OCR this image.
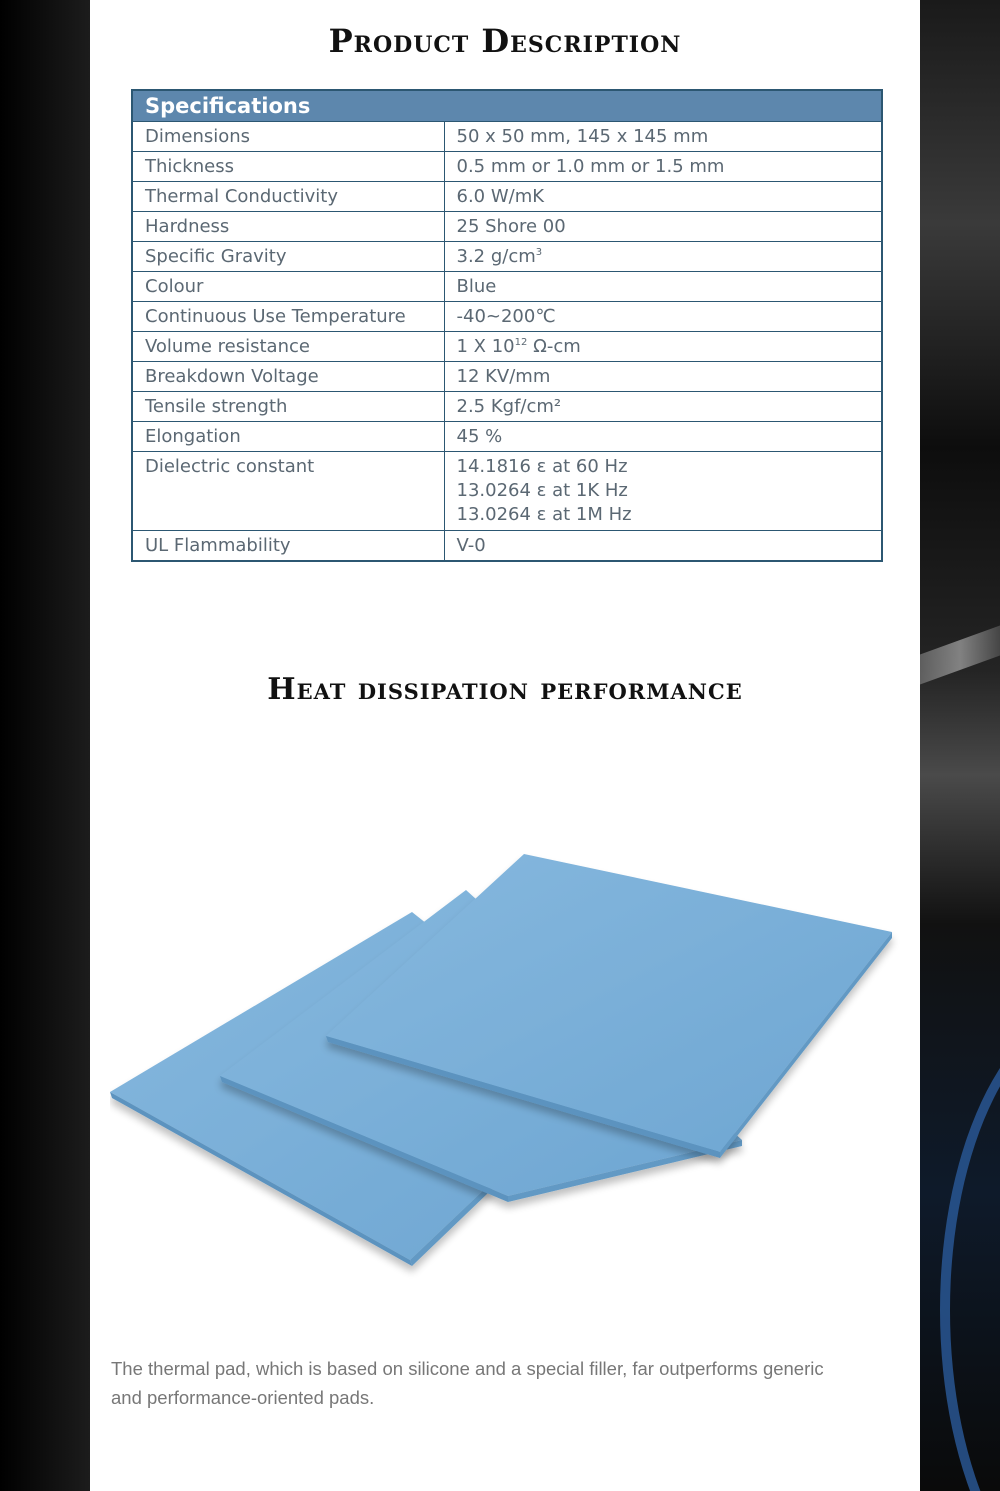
Product Description
Specifications	
Dimensions	50 x 50 mm, 145 x 145 mm
Thickness	0.5 mm or 1.0 mm or 1.5 mm
Thermal Conductivity	6.0 W/mK
Hardness	25 Shore 00
Specific Gravity	3.2 $g/cm^3$
Colour	Blue
Continuous Use Temperature	-40~200℃
Volume resistance	1 X $10^{12}$ Ω-cm
Breakdown Voltage	12 KV/mm
Tensile strength	2.5 Kgf/cm²
Elongation	45 %
Dielectric constant	14.1816 ε at 60 Hz
13.0264 ε at 1K Hz
13.0264 ε at 1M Hz

UL Flammability	V-0
Heat dissipation performance

The thermal pad, which is based on silicone and a special filler, far outperforms generic and performance-oriented pads.
